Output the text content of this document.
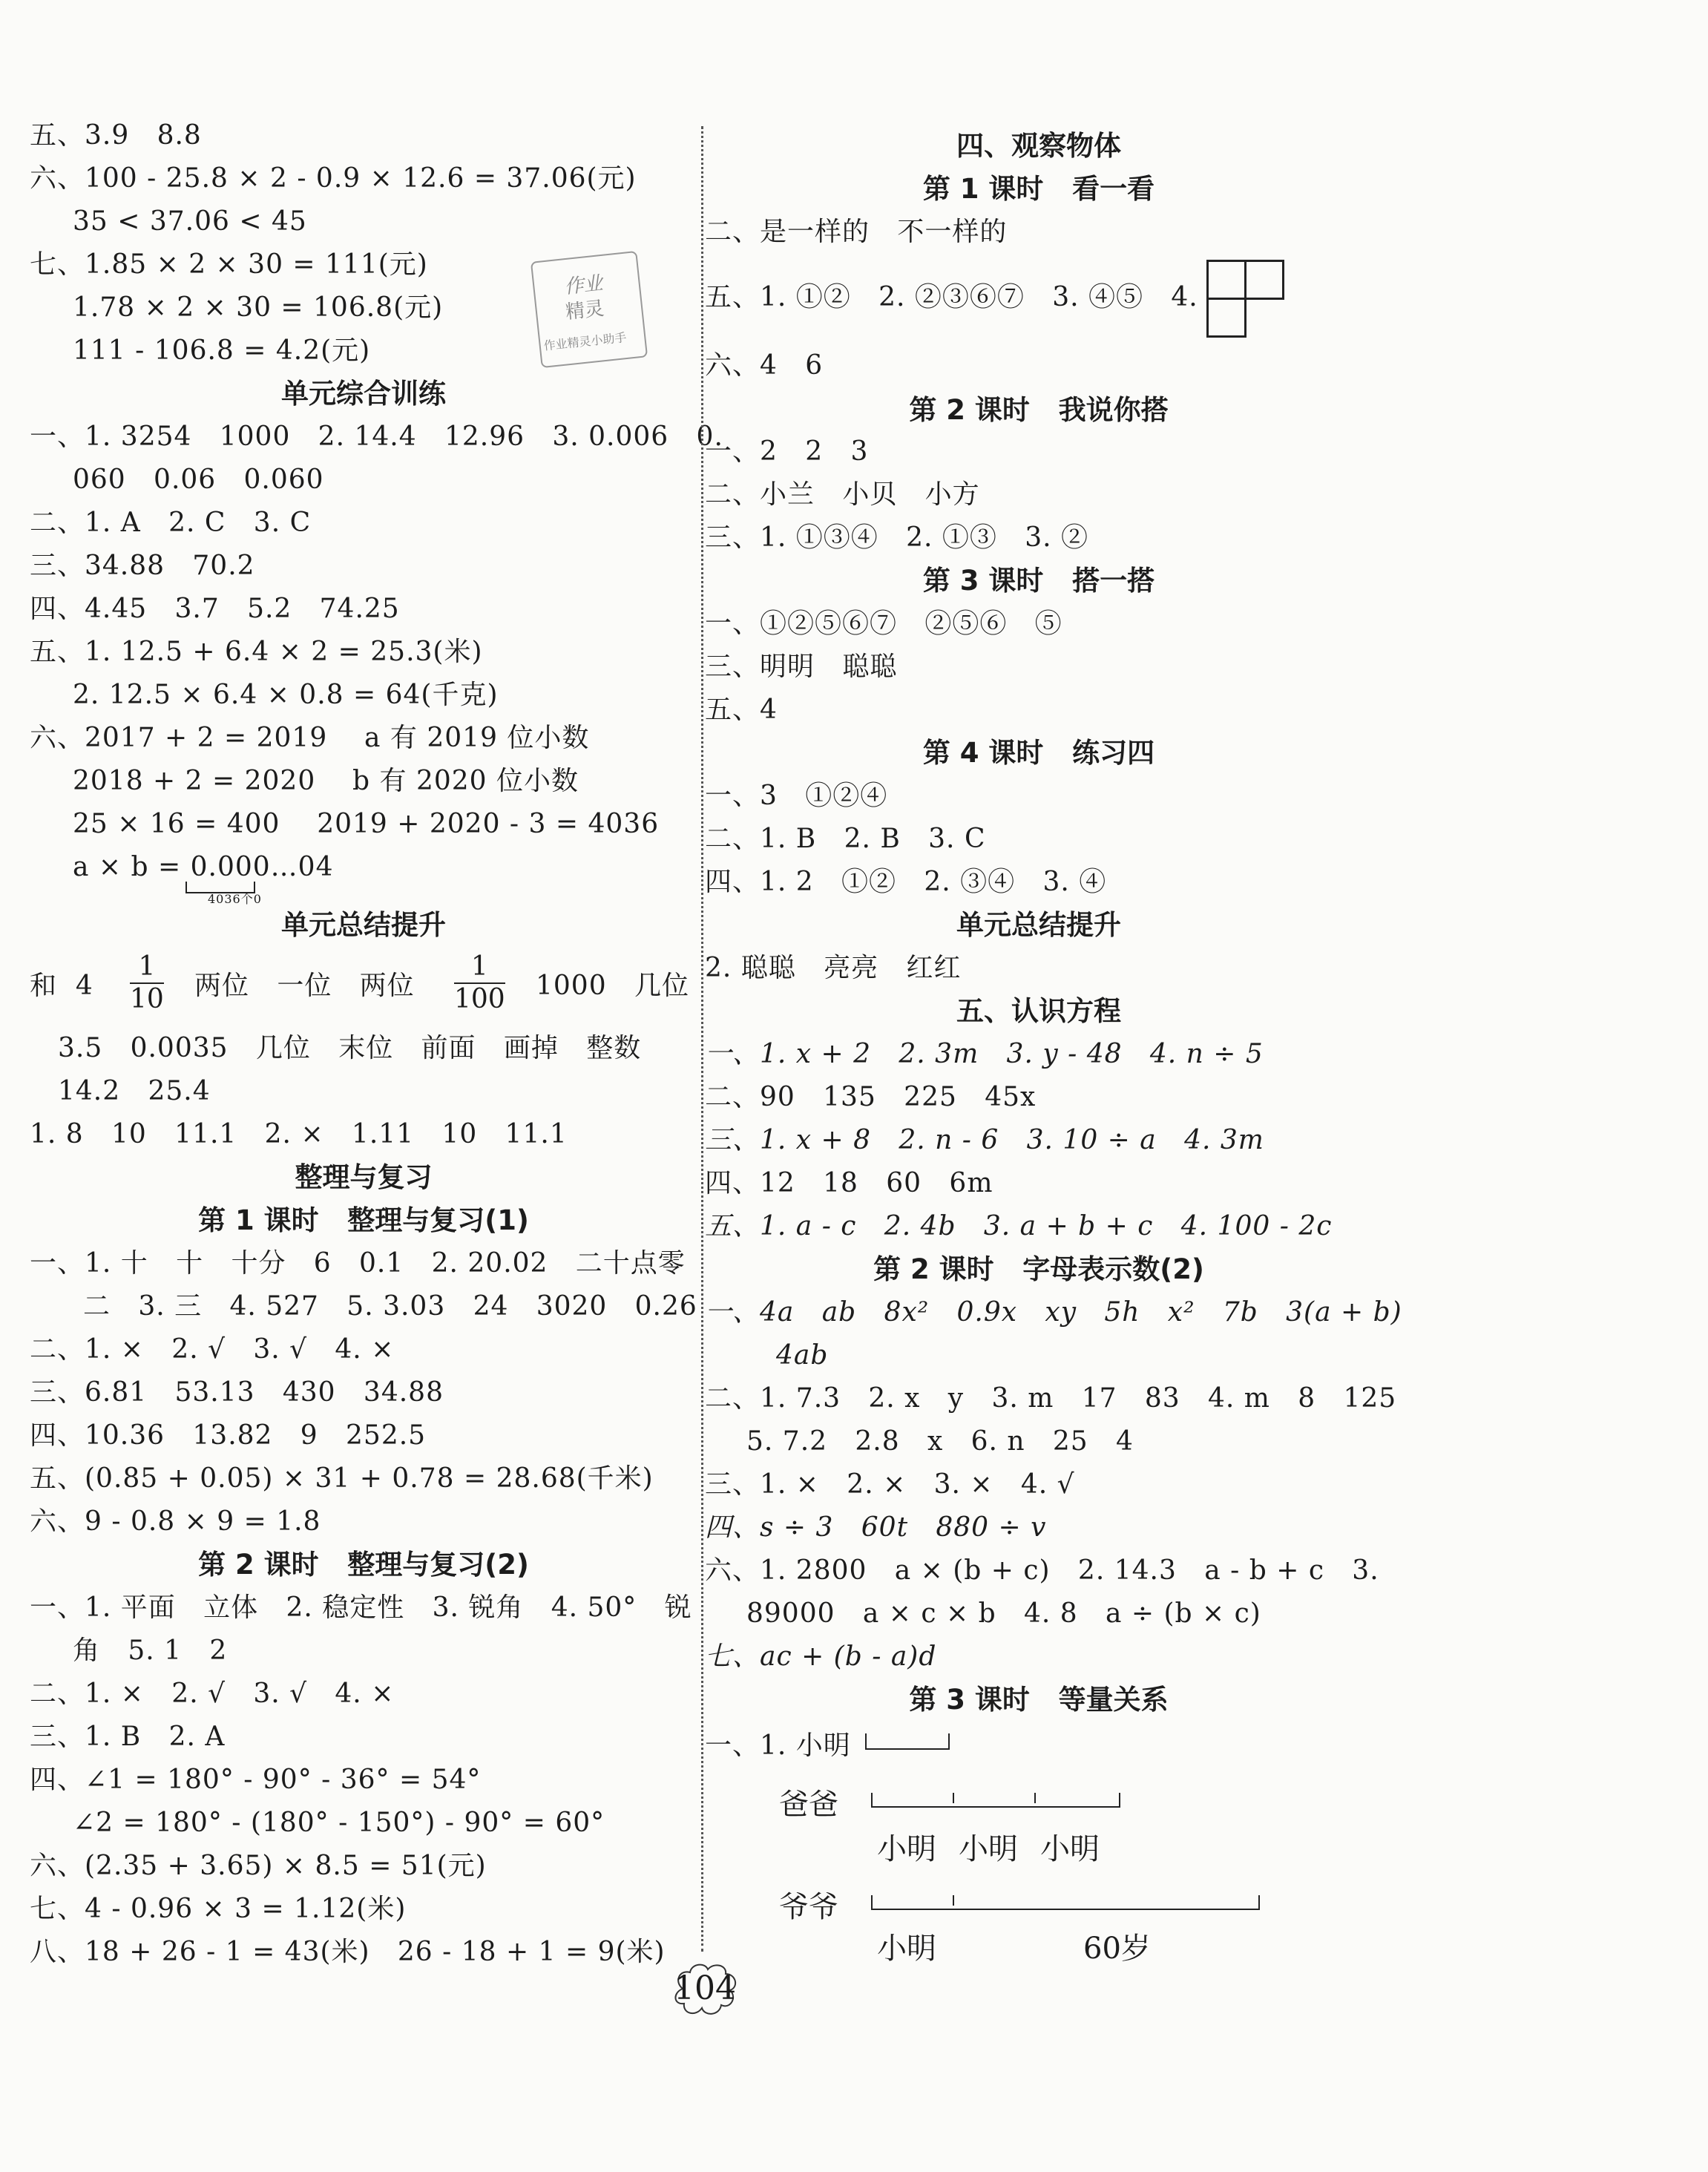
五、3.9   8.8
六、100 - 25.8 × 2 - 0.9 × 12.6 = 37.06(元)
35 < 37.06 < 45
七、1.85 × 2 × 30 = 111(元)
1.78 × 2 × 30 = 106.8(元)
111 - 106.8 = 4.2(元)
单元综合训练
一、1. 3254   1000   2. 14.4   12.96   3. 0.006   0.
060   0.06   0.060
二、1. A   2. C   3. C
三、34.88   70.2
四、4.45   3.7   5.2   74.25
五、1. 12.5 + 6.4 × 2 = 25.3(米)
2. 12.5 × 6.4 × 0.8 = 64(千克)
六、2017 + 2 = 2019    a 有 2019 位小数
2018 + 2 = 2020    b 有 2020 位小数
25 × 16 = 400    2019 + 2020 - 3 = 4036
a × b = 0.000…04
4036个0
单元总结提升
和  $4 \frac{1}{10}$ 两位   一位   两位 $\frac{1}{100} 1000$   几位
3.5   0.0035   几位   末位   前面   画掉   整数
14.2   25.4
1. 8   10   11.1   2. ×   1.11   10   11.1
整理与复习
第 1 课时   整理与复习(1)
一、1. 十   十   十分   6   0.1   2. 20.02   二十点零
二   3. 三   4. 527   5. 3.03   24   3020   0.26
二、1. ×   2. √   3. √   4. ×
三、6.81   53.13   430   34.88
四、10.36   13.82   9   252.5
五、(0.85 + 0.05) × 31 + 0.78 = 28.68(千米)
六、9 - 0.8 × 9 = 1.8
第 2 课时   整理与复习(2)
一、1. 平面   立体   2. 稳定性   3. 锐角   4. 50°   锐
角   5. 1   2
二、1. ×   2. √   3. √   4. ×
三、1. B   2. A
四、∠1 = 180° - 90° - 36° = 54°
∠2 = 180° - (180° - 150°) - 90° = 60°
六、(2.35 + 3.65) × 8.5 = 51(元)
七、4 - 0.96 × 3 = 1.12(米)
八、18 + 26 - 1 = 43(米)   26 - 18 + 1 = 9(米)
作业
精灵
作业精灵小助手
四、观察物体
第 1 课时   看一看
二、是一样的   不一样的
五、1. ①②   2. ②③⑥⑦   3. ④⑤   4.
六、4   6
第 2 课时   我说你搭
一、2   2   3
二、小兰   小贝   小方
三、1. ①③④   2. ①③   3. ②
第 3 课时   搭一搭
一、①②⑤⑥⑦   ②⑤⑥   ⑤
三、明明   聪聪
五、4
第 4 课时   练习四
一、3   ①②④
二、1. B   2. B   3. C
四、1. 2   ①②   2. ③④   3. ④
单元总结提升
2. 聪聪   亮亮   红红
五、认识方程
一、1. x + 2   2. 3m   3. y - 48   4. n ÷ 5
二、90   135   225   45x
三、1. x + 8   2. n - 6   3. 10 ÷ a   4. 3m
四、12   18   60   6m
五、1. a - c   2. 4b   3. a + b + c   4. 100 - 2c
第 2 课时   字母表示数(2)
一、4a   ab   8x²   0.9x   xy   5h   x²   7b   3(a + b)
4ab
二、1. 7.3   2. x   y   3. m   17   83   4. m   8   125
5. 7.2   2.8   x   6. n   25   4
三、1. ×   2. ×   3. ×   4. √
四、s ÷ 3   60t   880 ÷ v
六、1. 2800   a × (b + c)   2. 14.3   a - b + c   3.
89000   a × c × b   4. 8   a ÷ (b × c)
七、ac + (b - a)d
第 3 课时   等量关系
一、1. 小明
爸爸
小明 小明 小明
爷爷
小明	60岁
104
